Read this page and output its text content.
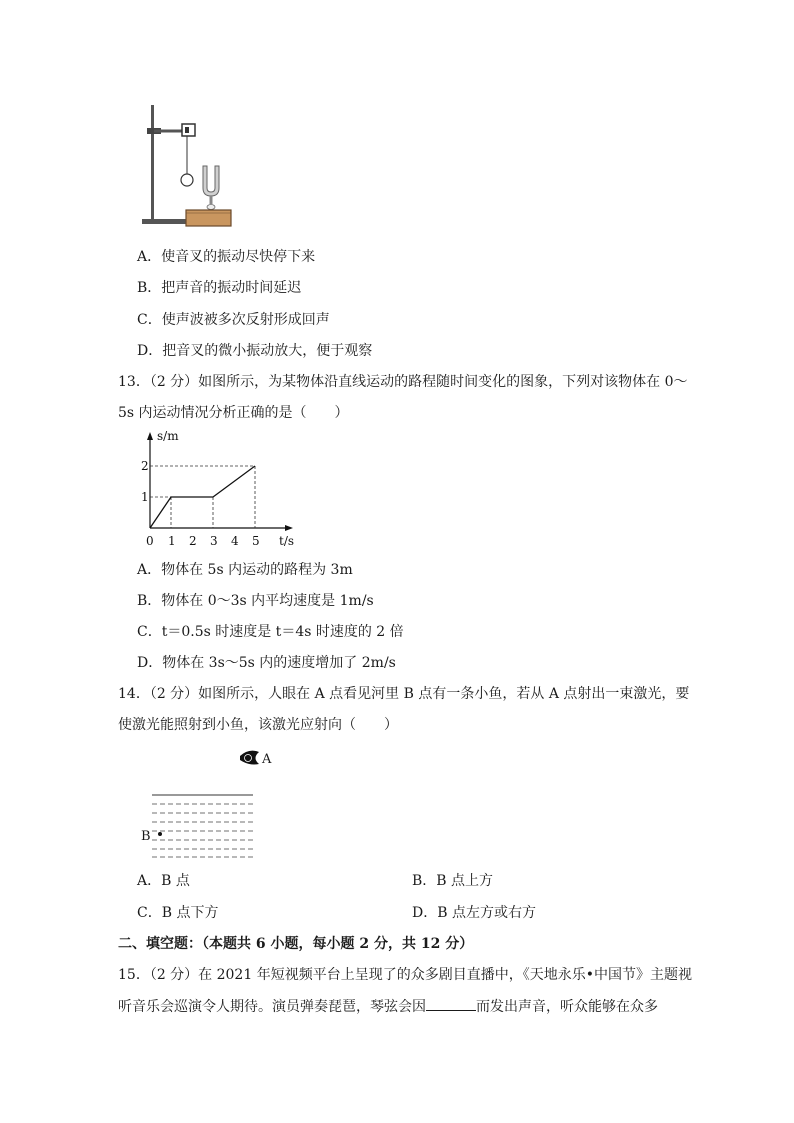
A．使音叉的振动尽快停下来
B．把声音的振动时间延迟
C．使声波被多次反射形成回声
D．把音叉的微小振动放大，便于观察
13．（2 分）如图所示，为某物体沿直线运动的路程随时间变化的图象，下列对该物体在 0～
5s 内运动情况分析正确的是（　　）
0 1 2 3 4 5
1
2
t/s
s/m
A．物体在 5s 内运动的路程为 3m
B．物体在 0～3s 内平均速度是 1m/s
C．t＝0.5s 时速度是 t＝4s 时速度的 2 倍
D．物体在 3s～5s 内的速度增加了 2m/s
14．（2 分）如图所示，人眼在 A 点看见河里 B 点有一条小鱼，若从 A 点射出一束激光，要
使激光能照射到小鱼，该激光应射向（　　）
A
B
A．B 点	B．B 点上方
C．B 点下方	D．B 点左方或右方
二、填空题：（本题共 6 小题，每小题 2 分，共 12 分）
15．（2 分）在 2021 年短视频平台上呈现了的众多剧目直播中，《天地永乐•中国节》主题视
听音乐会巡演令人期待。演员弹奏琵琶，琴弦会因	而发出声音，听众能够在众多
